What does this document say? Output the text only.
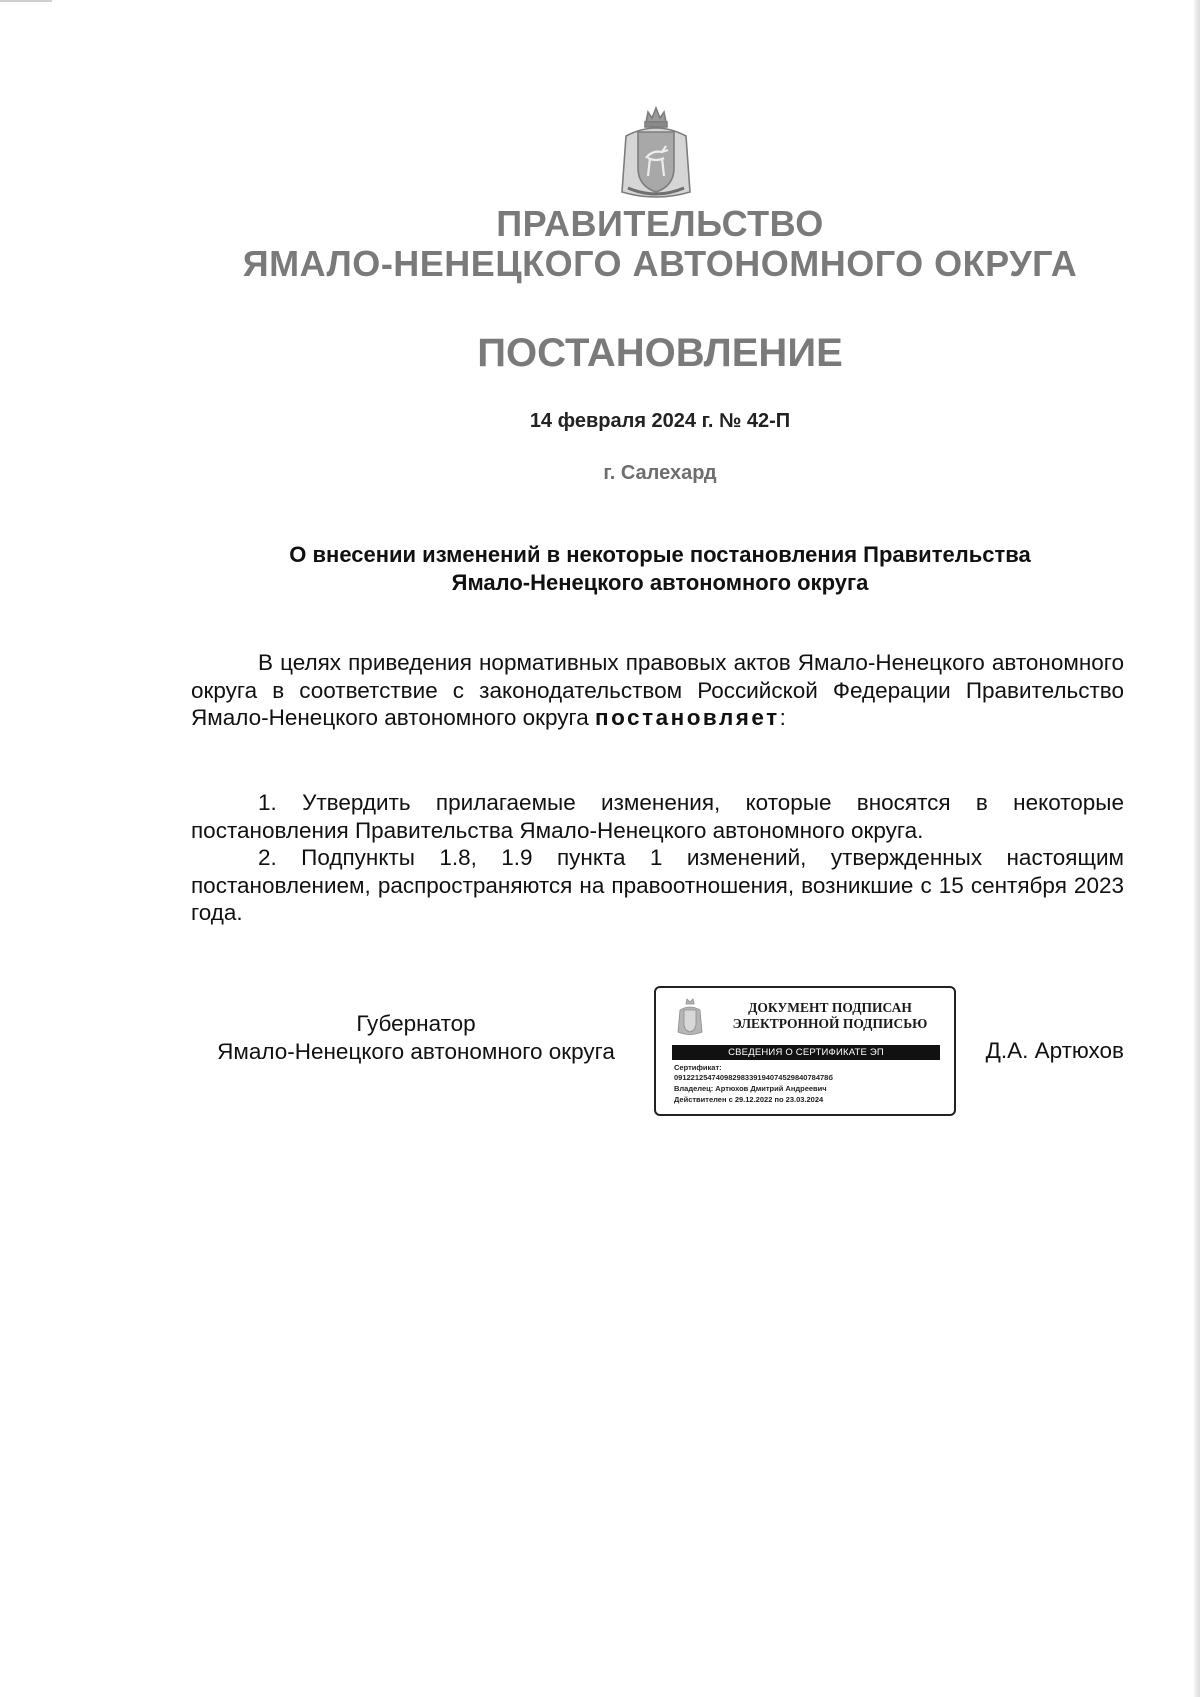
ПРАВИТЕЛЬСТВО
ЯМАЛО-НЕНЕЦКОГО АВТОНОМНОГО ОКРУГА
ПОСТАНОВЛЕНИЕ
14 февраля 2024 г. № 42-П
г. Салехард
О внесении изменений в некоторые постановления Правительства
Ямало-Ненецкого автономного округа
В целях приведения нормативных правовых актов Ямало-Ненецкого автономного округа в соответствие с законодательством Российской Федерации Правительство Ямало-Ненецкого автономного округа постановляет:
1. Утвердить прилагаемые изменения, которые вносятся в некоторые постановления Правительства Ямало-Ненецкого автономного округа.
2. Подпункты 1.8, 1.9 пункта 1 изменений, утвержденных настоящим постановлением, распространяются на правоотношения, возникшие с 15 сентября 2023 года.
Губернатор
Ямало-Ненецкого автономного округа
ДОКУМЕНТ ПОДПИСАН
ЭЛЕКТРОННОЙ ПОДПИСЬЮ
СВЕДЕНИЯ О СЕРТИФИКАТЕ ЭП
Сертификат:
0912212547409829833919407452984078478б
Владелец: Артюхов Дмитрий Андреевич
Действителен с 29.12.2022 по 23.03.2024
Д.А. Артюхов
